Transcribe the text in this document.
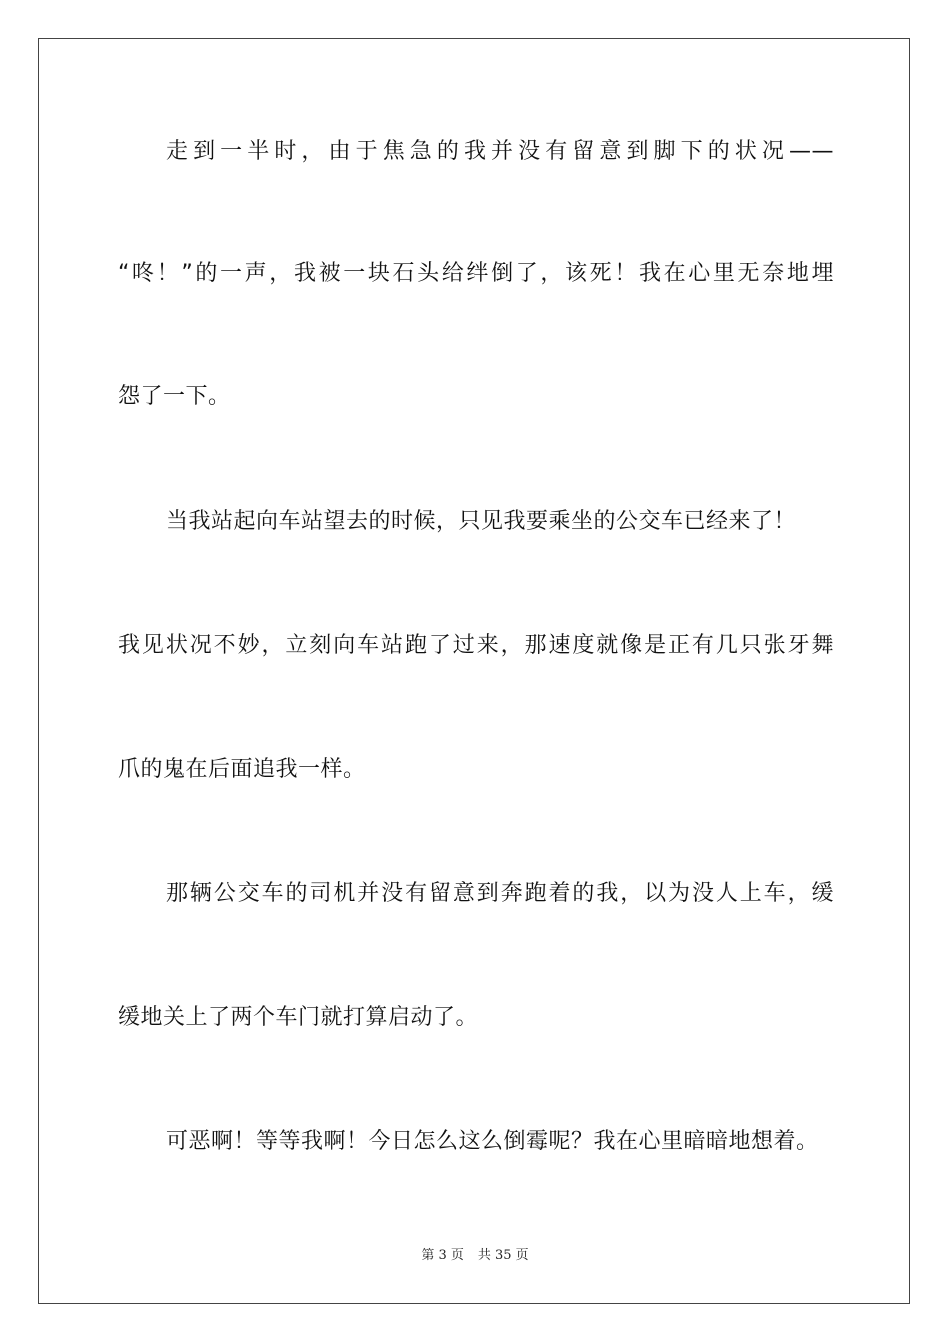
走到一半时，由于焦急的我并没有留意到脚下的状况——
“咚！”的一声，我被一块石头给绊倒了，该死！我在心里无奈地埋
怨了一下。
当我站起向车站望去的时候，只见我要乘坐的公交车已经来了！
我见状况不妙，立刻向车站跑了过来，那速度就像是正有几只张牙舞
爪的鬼在后面追我一样。
那辆公交车的司机并没有留意到奔跑着的我，以为没人上车，缓
缓地关上了两个车门就打算启动了。
可恶啊！等等我啊！今日怎么这么倒霉呢？我在心里暗暗地想着。
第 3 页 共 35 页
